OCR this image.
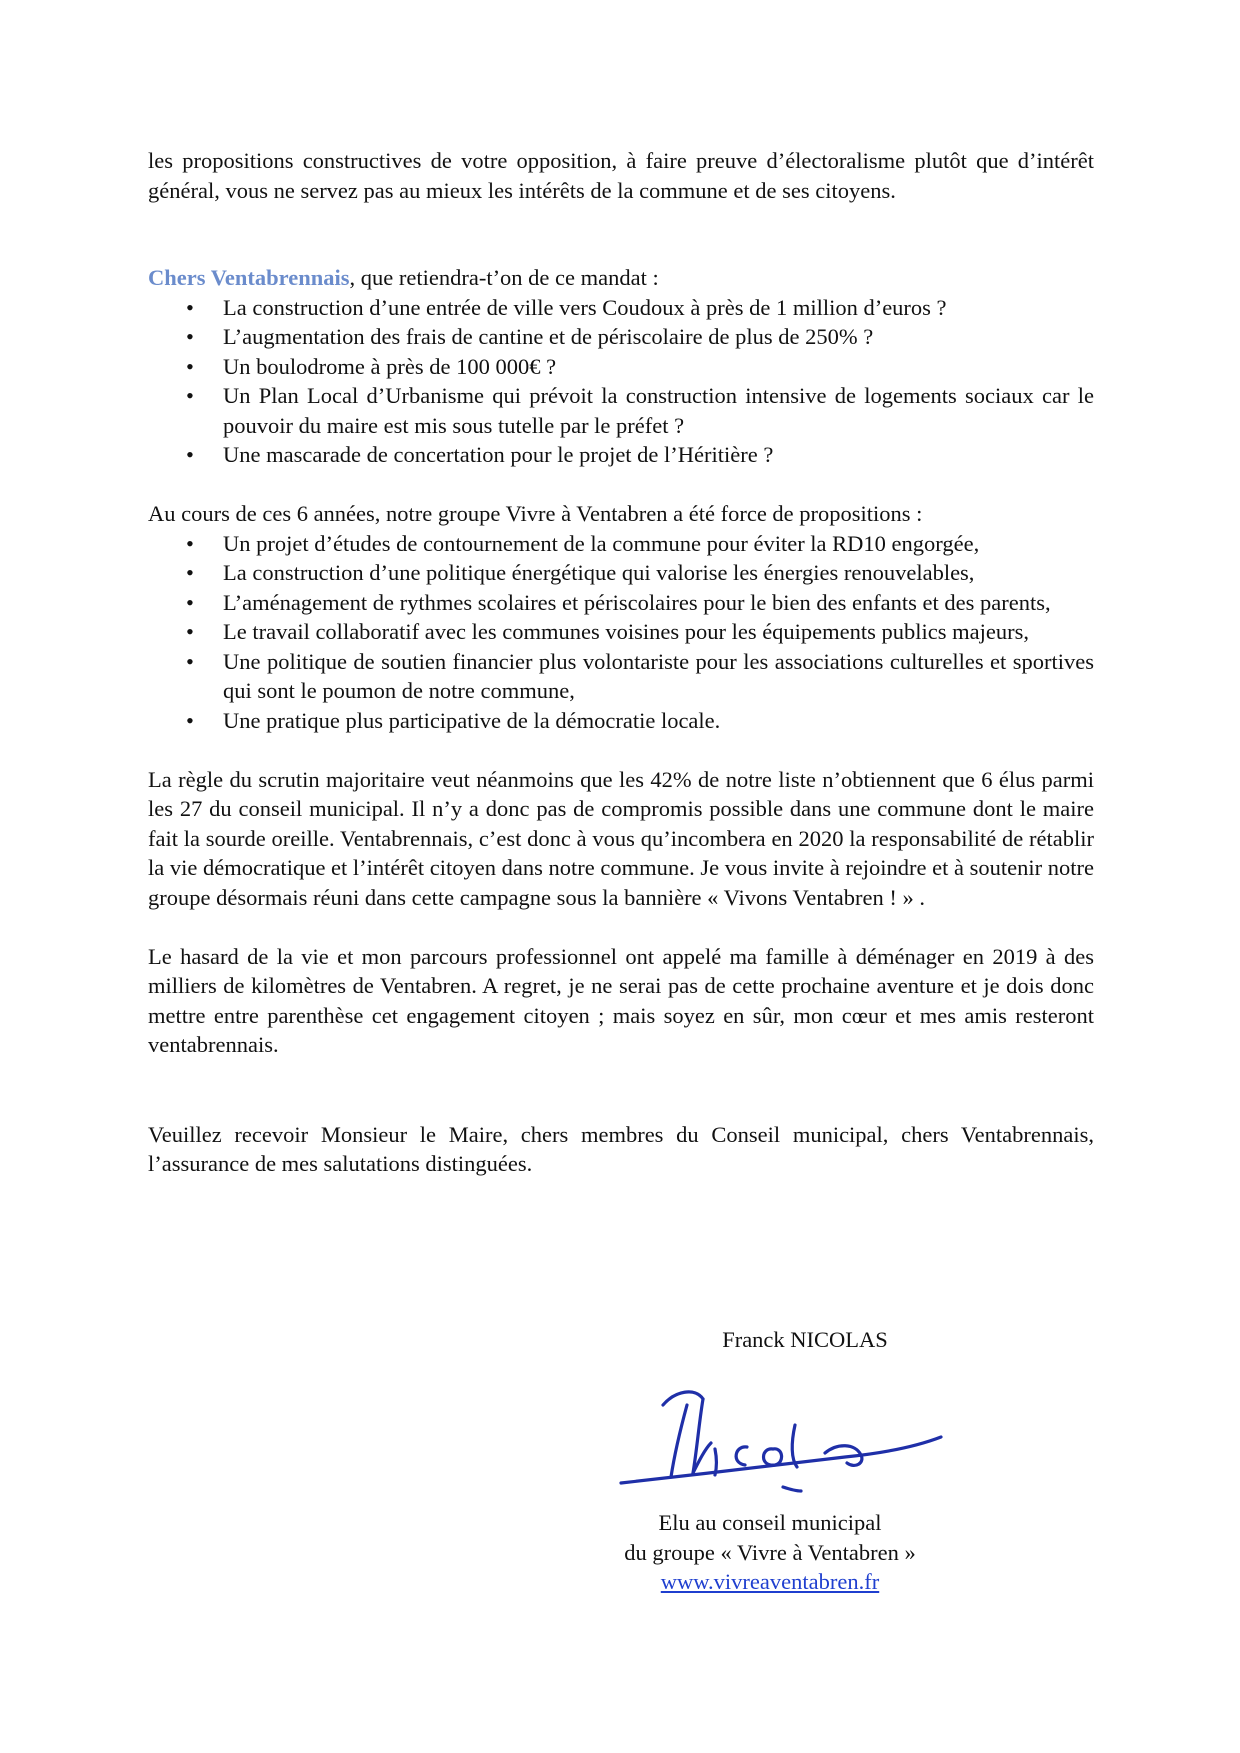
les propositions constructives de votre opposition, à faire preuve d’électoralisme plutôt que d’intérêt général, vous ne servez pas au mieux les intérêts de la commune et de ses citoyens.

Chers Ventabrennais, que retiendra-t’on de ce mandat :

• La construction d’une entrée de ville vers Coudoux à près de 1 million d’euros ?
• L’augmentation des frais de cantine et de périscolaire de plus de 250% ?
• Un boulodrome à près de 100 000€ ?
• Un Plan Local d’Urbanisme qui prévoit la construction intensive de logements sociaux car le pouvoir du maire est mis sous tutelle par le préfet ?
• Une mascarade de concertation pour le projet de l’Héritière ?

Au cours de ces 6 années, notre groupe Vivre à Ventabren a été force de propositions :

• Un projet d’études de contournement de la commune pour éviter la RD10 engorgée,
• La construction d’une politique énergétique qui valorise les énergies renouvelables,
• L’aménagement de rythmes scolaires et périscolaires pour le bien des enfants et des parents,
• Le travail collaboratif avec les communes voisines pour les équipements publics majeurs,
• Une politique de soutien financier plus volontariste pour les associations culturelles et sportives qui sont le poumon de notre commune,
• Une pratique plus participative de la démocratie locale.

La règle du scrutin majoritaire veut néanmoins que les 42% de notre liste n’obtiennent que 6 élus parmi les 27 du conseil municipal. Il n’y a donc pas de compromis possible dans une commune dont le maire fait la sourde oreille. Ventabrennais, c’est donc à vous qu’incombera en 2020 la responsabilité de rétablir la vie démocratique et l’intérêt citoyen dans notre commune. Je vous invite à rejoindre et à soutenir notre groupe désormais réuni dans cette campagne sous la bannière « Vivons Ventabren ! » .

Le hasard de la vie et mon parcours professionnel ont appelé ma famille à déménager en 2019 à des milliers de kilomètres de Ventabren. A regret, je ne serai pas de cette prochaine aventure et je dois donc mettre entre parenthèse cet engagement citoyen ; mais soyez en sûr, mon cœur et mes amis resteront ventabrennais.

Veuillez recevoir Monsieur le Maire, chers membres du Conseil municipal, chers Ventabrennais, l’assurance de mes salutations distinguées.

Franck NICOLAS
Elu au conseil municipal
du groupe « Vivre à Ventabren »
www.vivreaventabren.fr
